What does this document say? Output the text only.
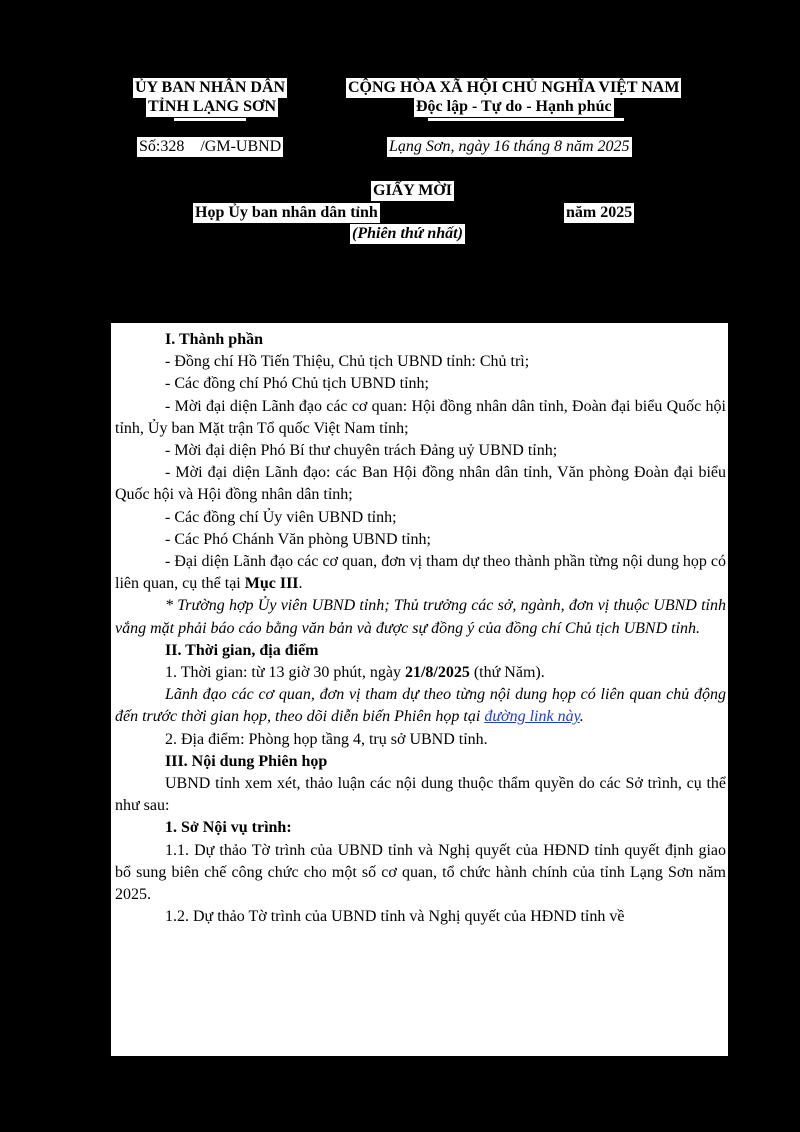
ỦY BAN NHÂN DÂN
TỈNH LẠNG SƠN
CỘNG HÒA XÃ HỘI CHỦ NGHĨA VIỆT NAM
Độc lập - Tự do - Hạnh phúc
Số:328 /GM-UBND	Lạng Sơn, ngày 16 tháng 8 năm 2025
GIẤY MỜI
Họp Ủy ban nhân dân tỉnh	năm 2025
(Phiên thứ nhất)

I. Thành phần

- Đồng chí Hồ Tiến Thiệu, Chủ tịch UBND tỉnh: Chủ trì;

- Các đồng chí Phó Chủ tịch UBND tỉnh;

- Mời đại diện Lãnh đạo các cơ quan: Hội đồng nhân dân tỉnh, Đoàn đại biểu Quốc hội tỉnh, Ủy ban Mặt trận Tổ quốc Việt Nam tỉnh;

- Mời đại diện Phó Bí thư chuyên trách Đảng uỷ UBND tỉnh;

- Mời đại diện Lãnh đạo: các Ban Hội đồng nhân dân tỉnh, Văn phòng Đoàn đại biểu Quốc hội và Hội đồng nhân dân tỉnh;

- Các đồng chí Ủy viên UBND tỉnh;

- Các Phó Chánh Văn phòng UBND tỉnh;

- Đại diện Lãnh đạo các cơ quan, đơn vị tham dự theo thành phần từng nội dung họp có liên quan, cụ thể tại Mục III.

* Trường hợp Ủy viên UBND tỉnh; Thủ trưởng các sở, ngành, đơn vị thuộc UBND tỉnh vắng mặt phải báo cáo bằng văn bản và được sự đồng ý của đồng chí Chủ tịch UBND tỉnh.

II. Thời gian, địa điểm

1. Thời gian: từ 13 giờ 30 phút, ngày 21/8/2025 (thứ Năm).

Lãnh đạo các cơ quan, đơn vị tham dự theo từng nội dung họp có liên quan chủ động đến trước thời gian họp, theo dõi diễn biến Phiên họp tại đường link này.

2. Địa điểm: Phòng họp tầng 4, trụ sở UBND tỉnh.

III. Nội dung Phiên họp

UBND tỉnh xem xét, thảo luận các nội dung thuộc thẩm quyền do các Sở trình, cụ thể như sau:

1. Sở Nội vụ trình:

1.1. Dự thảo Tờ trình của UBND tỉnh và Nghị quyết của HĐND tỉnh quyết định giao bổ sung biên chế công chức cho một số cơ quan, tổ chức hành chính của tỉnh Lạng Sơn năm 2025.

1.2. Dự thảo Tờ trình của UBND tỉnh và Nghị quyết của HĐND tỉnh về
